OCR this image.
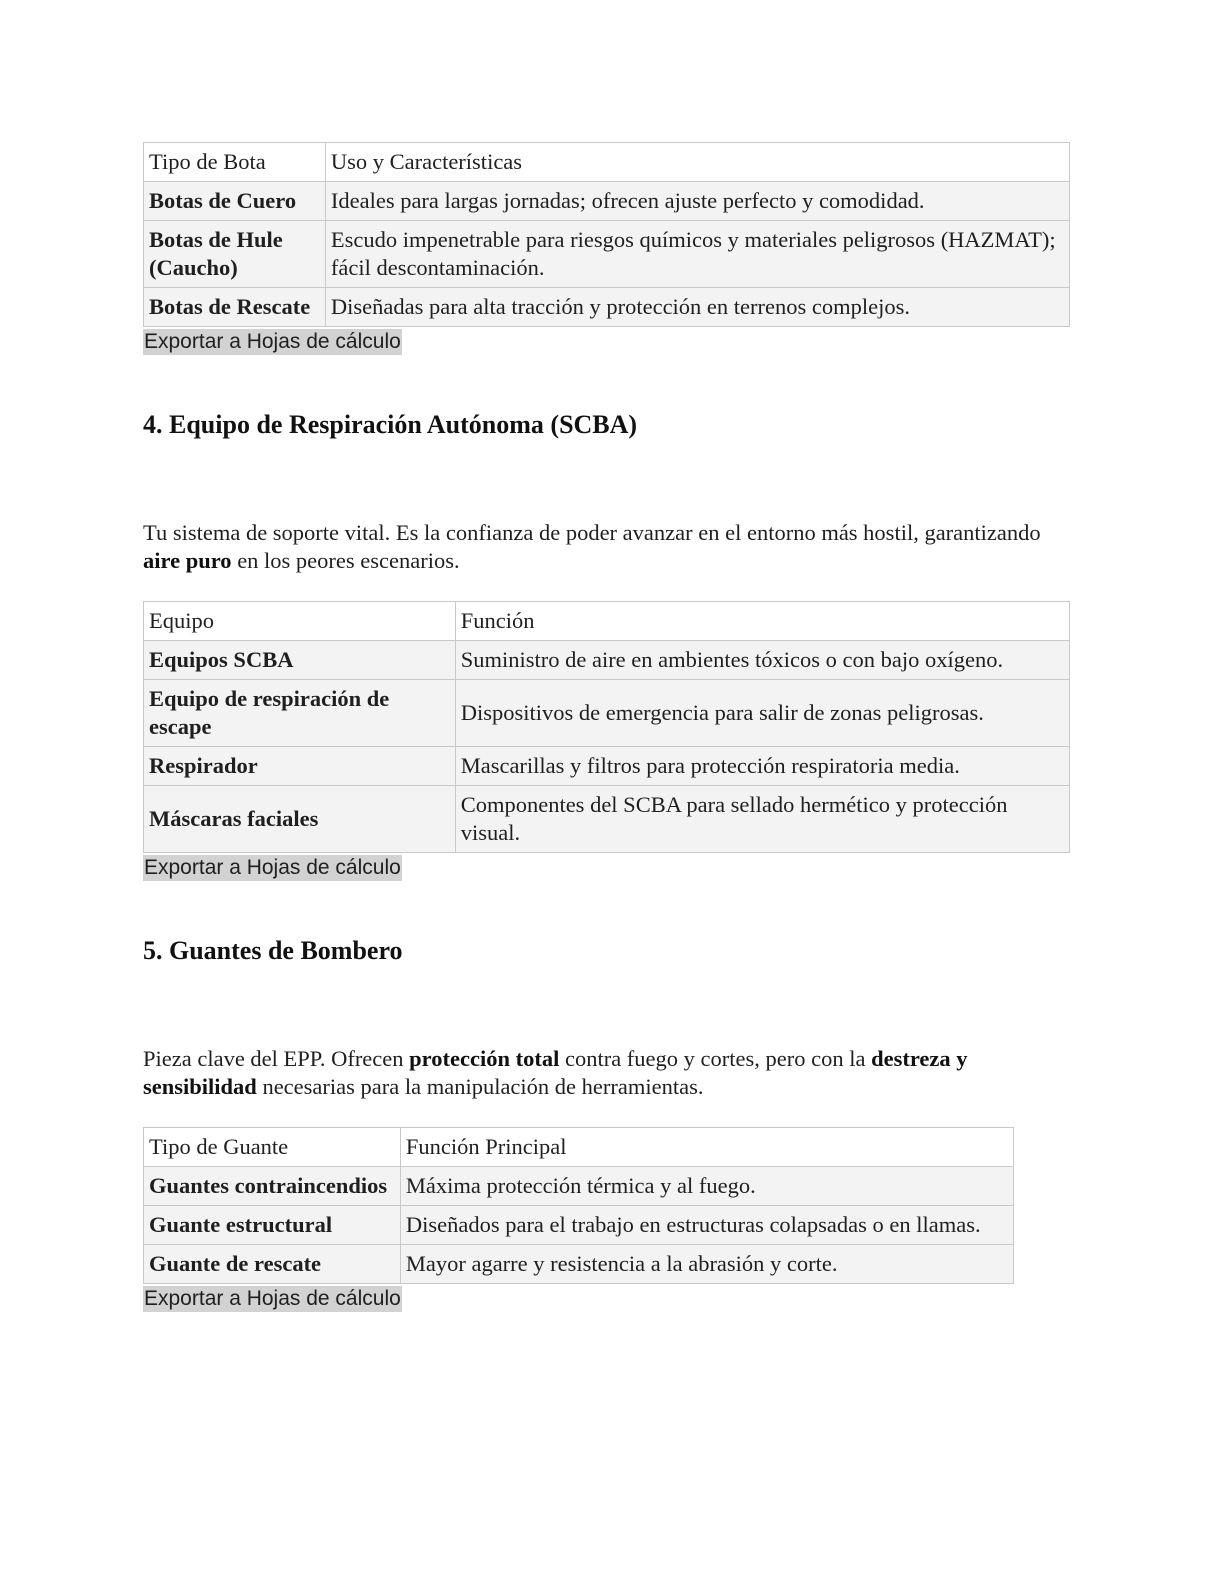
Tipo de Bota	Uso y Características
Botas de Cuero	Ideales para largas jornadas; ofrecen ajuste perfecto y comodidad.
Botas de Hule (Caucho)	Escudo impenetrable para riesgos químicos y materiales peligrosos (HAZMAT); fácil descontaminación.
Botas de Rescate	Diseñadas para alta tracción y protección en terrenos complejos.
Exportar a Hojas de cálculo
4. Equipo de Respiración Autónoma (SCBA)

Tu sistema de soporte vital. Es la confianza de poder avanzar en el entorno más hostil, garantizando aire puro en los peores escenarios.

Equipo	Función
Equipos SCBA	Suministro de aire en ambientes tóxicos o con bajo oxígeno.
Equipo de respiración de escape	Dispositivos de emergencia para salir de zonas peligrosas.
Respirador	Mascarillas y filtros para protección respiratoria media.
Máscaras faciales	Componentes del SCBA para sellado hermético y protección visual.
Exportar a Hojas de cálculo
5. Guantes de Bombero

Pieza clave del EPP. Ofrecen protección total contra fuego y cortes, pero con la destreza y sensibilidad necesarias para la manipulación de herramientas.

Tipo de Guante	Función Principal
Guantes contraincendios	Máxima protección térmica y al fuego.
Guante estructural	Diseñados para el trabajo en estructuras colapsadas o en llamas.
Guante de rescate	Mayor agarre y resistencia a la abrasión y corte.
Exportar a Hojas de cálculo
